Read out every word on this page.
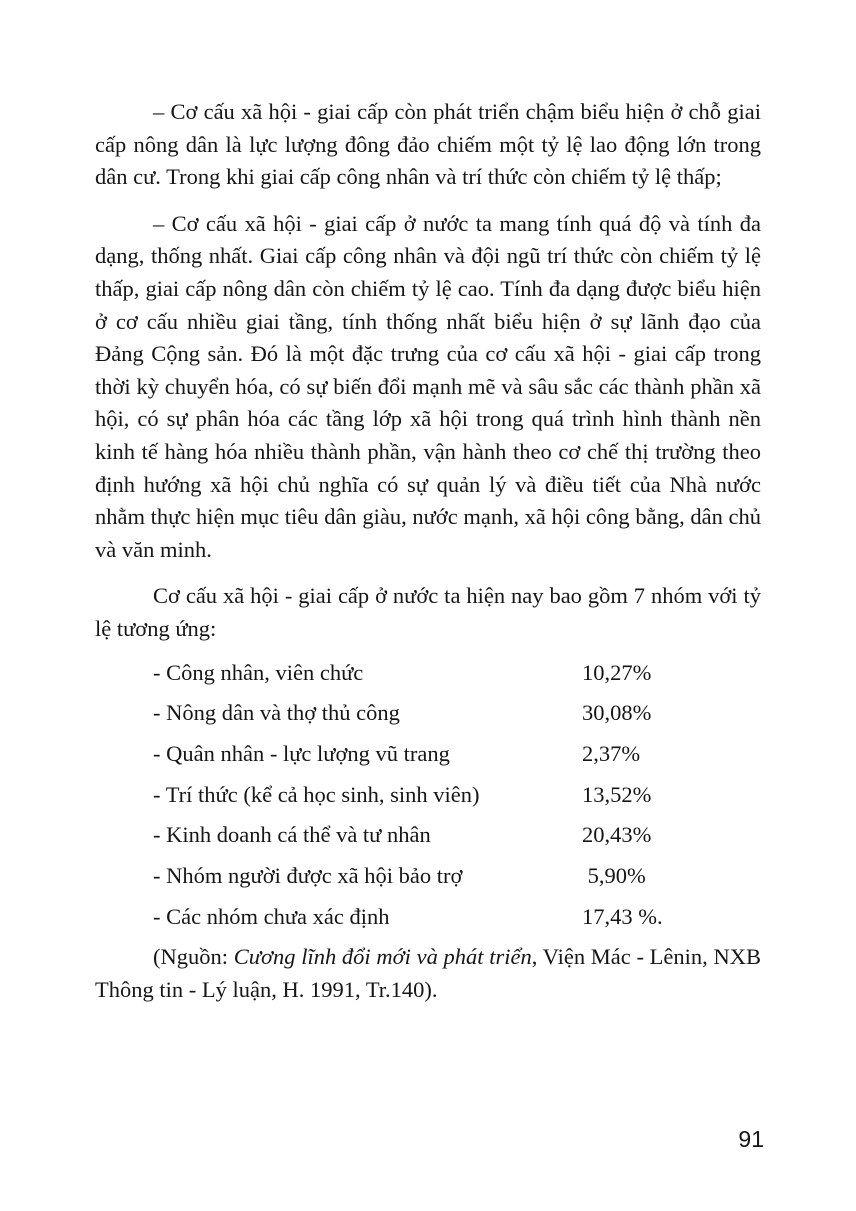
– Cơ cấu xã hội - giai cấp còn phát triển chậm biểu hiện ở chỗ giai cấp nông dân là lực lượng đông đảo chiếm một tỷ lệ lao động lớn trong dân cư. Trong khi giai cấp công nhân và trí thức còn chiếm tỷ lệ thấp;

– Cơ cấu xã hội - giai cấp ở nước ta mang tính quá độ và tính đa dạng, thống nhất. Giai cấp công nhân và đội ngũ trí thức còn chiếm tỷ lệ thấp, giai cấp nông dân còn chiếm tỷ lệ cao. Tính đa dạng được biểu hiện ở cơ cấu nhiều giai tầng, tính thống nhất biểu hiện ở sự lãnh đạo của Đảng Cộng sản. Đó là một đặc trưng của cơ cấu xã hội - giai cấp trong thời kỳ chuyển hóa, có sự biến đổi mạnh mẽ và sâu sắc các thành phần xã hội, có sự phân hóa các tầng lớp xã hội trong quá trình hình thành nền kinh tế hàng hóa nhiều thành phần, vận hành theo cơ chế thị trường theo định hướng xã hội chủ nghĩa có sự quản lý và điều tiết của Nhà nước nhằm thực hiện mục tiêu dân giàu, nước mạnh, xã hội công bằng, dân chủ và văn minh.

Cơ cấu xã hội - giai cấp ở nước ta hiện nay bao gồm 7 nhóm với tỷ lệ tương ứng:

- Công nhân, viên chức	10,27%
- Nông dân và thợ thủ công	30,08%
- Quân nhân - lực lượng vũ trang	2,37%
- Trí thức (kể cả học sinh, sinh viên)	13,52%
- Kinh doanh cá thể và tư nhân	20,43%
- Nhóm người được xã hội bảo trợ	5,90%
- Các nhóm chưa xác định	17,43 %.

(Nguồn: Cương lĩnh đổi mới và phát triển, Viện Mác - Lênin, NXB Thông tin - Lý luận, H. 1991, Tr.140).

91
